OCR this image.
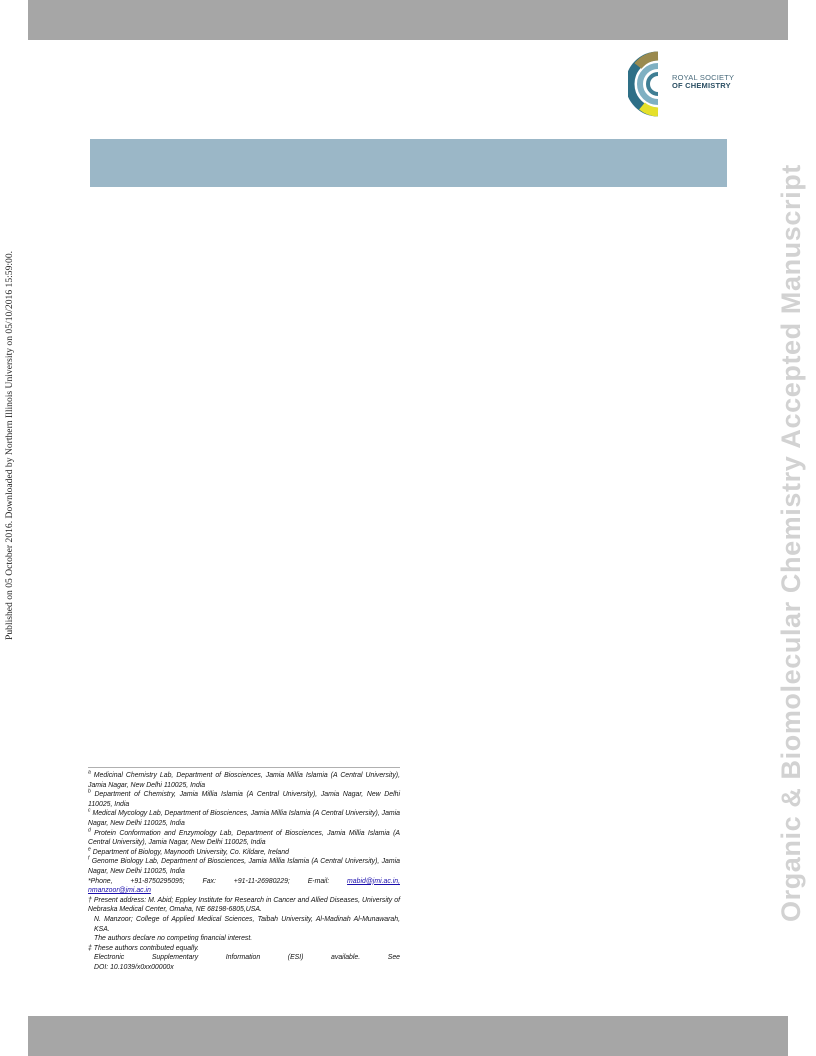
ROYAL SOCIETY
OF CHEMISTRY
Published on 05 October 2016. Downloaded by Northern Illinois University on 05/10/2016 15:59:00.	Organic & Biomolecular Chemistry Accepted Manuscript
$^a$ Medicinal Chemistry Lab, Department of Biosciences, Jamia Millia Islamia (A Central University), Jamia Nagar, New Delhi 110025, India
$^b$ Department of Chemistry, Jamia Millia Islamia (A Central University), Jamia Nagar, New Delhi 110025, India
$^c$ Medical Mycology Lab, Department of Biosciences, Jamia Millia Islamia (A Central University), Jamia Nagar, New Delhi 110025, India
$^d$ Protein Conformation and Enzymology Lab, Department of Biosciences, Jamia Millia Islamia (A Central University), Jamia Nagar, New Delhi 110025, India
$^e$ Department of Biology, Maynooth University, Co. Kildare, Ireland
$^f$ Genome Biology Lab, Department of Biosciences, Jamia Millia Islamia (A Central University), Jamia Nagar, New Delhi 110025, India
*Phone, +91-8750295095; Fax: +91-11-26980229; E-mail:	mabid@jmi.ac.in,
nmanzoor@jmi.ac.in
† Present address: M. Abid; Eppley Institute for Research in Cancer and Allied Diseases, University of Nebraska Medical Center, Omaha, NE 68198-6805,USA.
N. Manzoor; College of Applied Medical Sciences, Taibah University, Al-Madinah Al-Munawarah, KSA.
The authors declare no competing financial interest.
‡ These authors contributed equally.
Electronic Supplementary Information (ESI) available. See
DOI: 10.1039/x0xx00000x
